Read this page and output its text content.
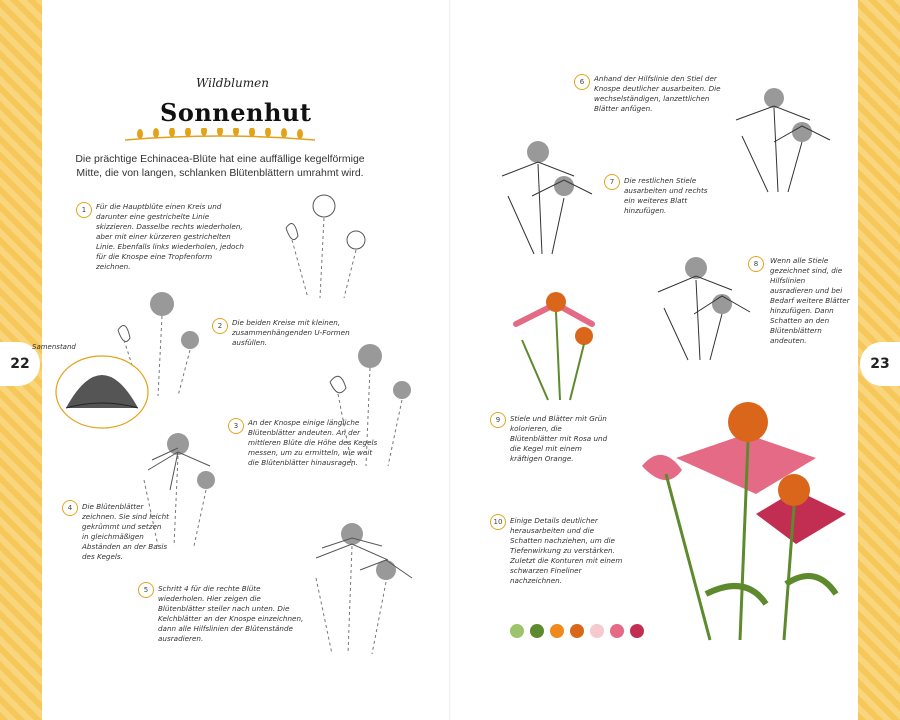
22	23
Wildblumen
Sonnenhut
Die prächtige Echinacea-Blüte hat eine auffällige kegelförmige Mitte, die von langen, schlanken Blütenblättern umrahmt wird.
1	Für die Hauptblüte einen Kreis und darunter eine gestrichelte Linie skizzieren. Dasselbe rechts wiederholen, aber mit einer kürzeren gestrichelten Linie. Ebenfalls links wiederholen, jedoch für die Knospe eine Tropfenform zeichnen.
2	Die beiden Kreise mit kleinen, zusammenhängenden U-Formen ausfüllen.
Samenstand
3	An der Knospe einige längliche Blütenblätter andeuten. An der mittleren Blüte die Höhe des Kegels messen, um zu ermitteln, wie weit die Blütenblätter hinausragen.
4	Die Blütenblätter zeichnen. Sie sind leicht gekrümmt und setzen in gleichmäßigen Abständen an der Basis des Kegels.
5	Schritt 4 für die rechte Blüte wiederholen. Hier zeigen die Blütenblätter steiler nach unten. Die Kelchblätter an der Knospe einzeichnen, dann alle Hilfslinien der Blütenstände ausradieren.
6	Anhand der Hilfslinie den Stiel der Knospe deutlicher ausarbeiten. Die wechselständigen, lanzettlichen Blätter anfügen.
7	Die restlichen Stiele ausarbeiten und rechts ein weiteres Blatt hinzufügen.
8	Wenn alle Stiele gezeichnet sind, die Hilfslinien ausradieren und bei Bedarf weitere Blätter hinzufügen. Dann Schatten an den Blütenblättern andeuten.
9	Stiele und Blätter mit Grün kolorieren, die Blütenblätter mit Rosa und die Kegel mit einem kräftigen Orange.
10	Einige Details deutlicher herausarbeiten und die Schatten nachziehen, um die Tiefenwirkung zu verstärken. Zuletzt die Konturen mit einem schwarzen Fineliner nachzeichnen.
